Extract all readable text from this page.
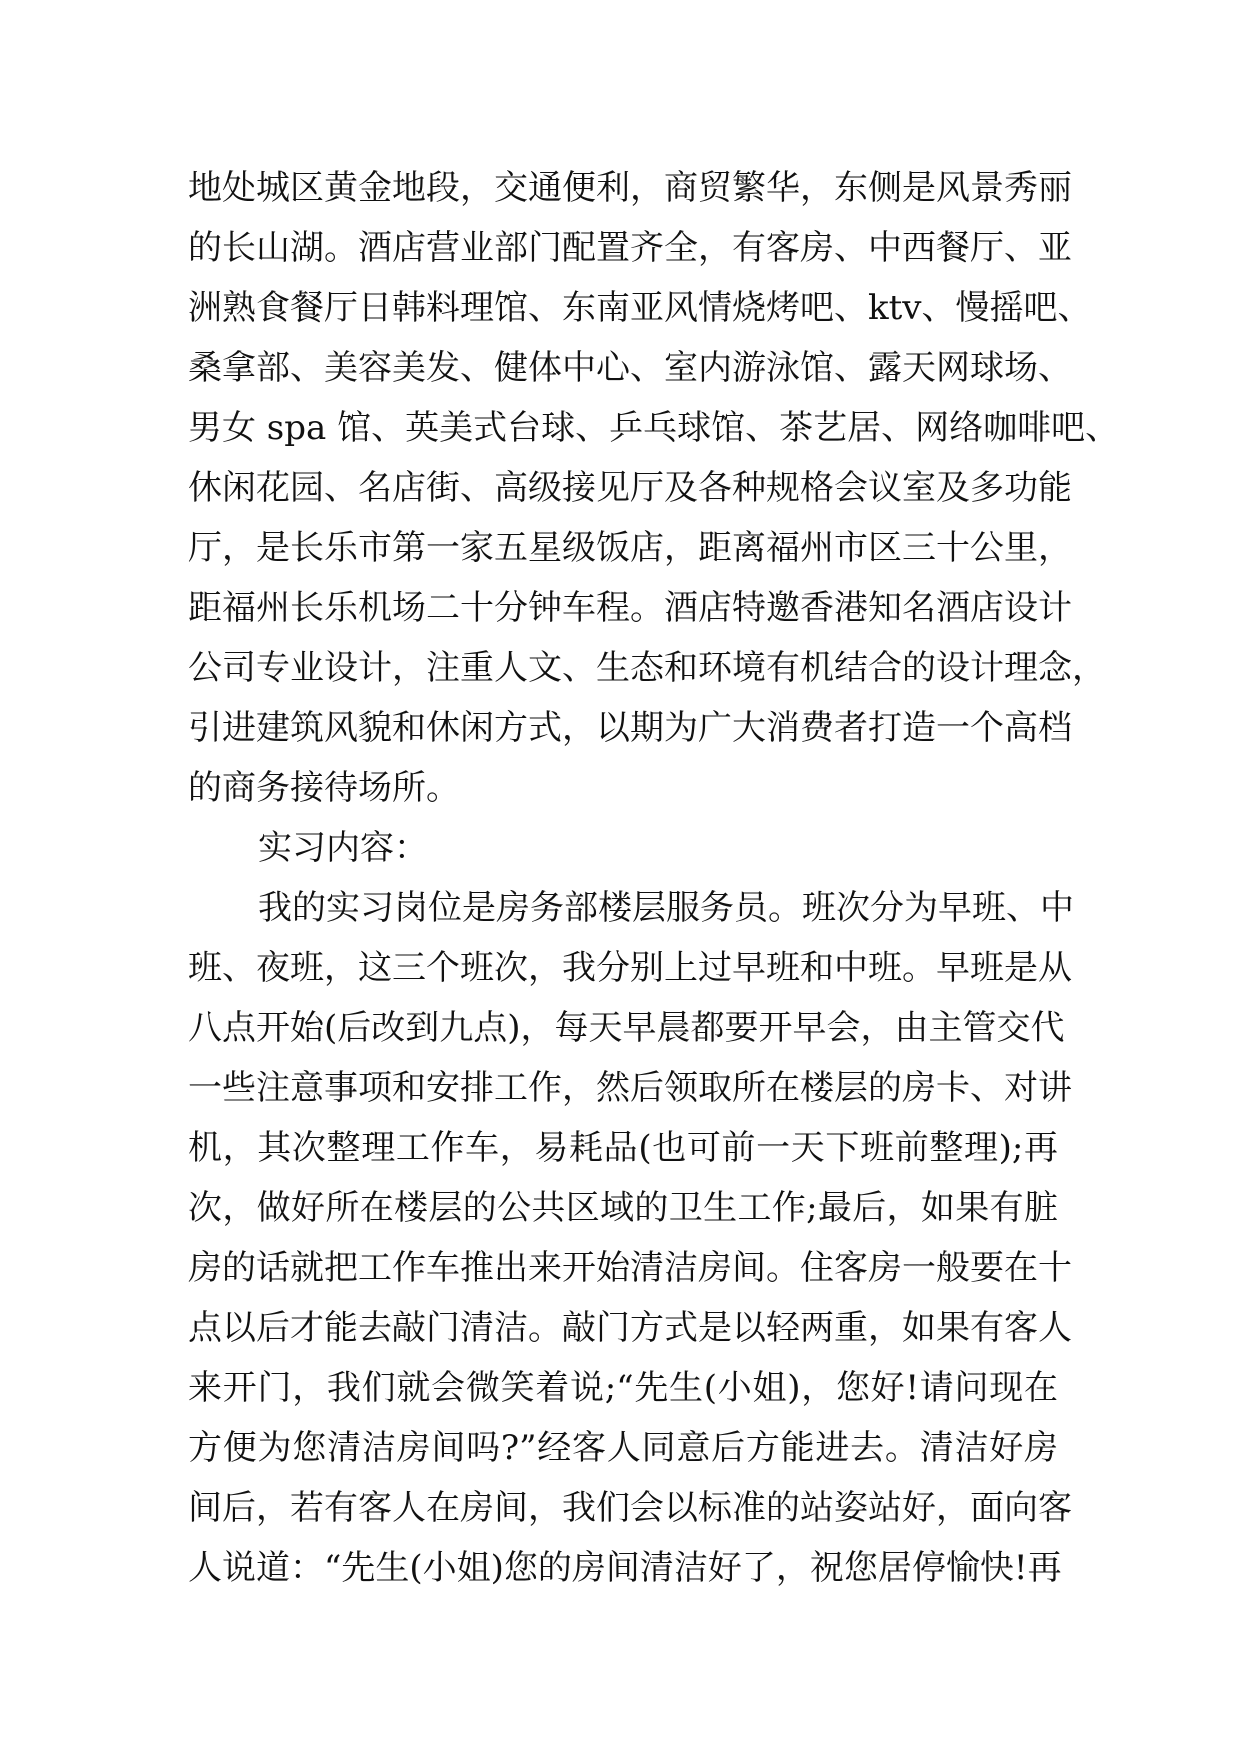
地处城区黄金地段，交通便利，商贸繁华，东侧是风景秀丽
的长山湖。酒店营业部门配置齐全，有客房、中西餐厅、亚
洲熟食餐厅日韩料理馆、东南亚风情烧烤吧、ktv、慢摇吧、
桑拿部、美容美发、健体中心、室内游泳馆、露天网球场、
男女 spa 馆、英美式台球、乒乓球馆、茶艺居、网络咖啡吧、
休闲花园、名店街、高级接见厅及各种规格会议室及多功能
厅，是长乐市第一家五星级饭店，距离福州市区三十公里，
距福州长乐机场二十分钟车程。酒店特邀香港知名酒店设计
公司专业设计，注重人文、生态和环境有机结合的设计理念，
引进建筑风貌和休闲方式，以期为广大消费者打造一个高档
的商务接待场所。
实习内容：
我的实习岗位是房务部楼层服务员。班次分为早班、中
班、夜班，这三个班次，我分别上过早班和中班。早班是从
八点开始(后改到九点)，每天早晨都要开早会，由主管交代
一些注意事项和安排工作，然后领取所在楼层的房卡、对讲
机，其次整理工作车，易耗品(也可前一天下班前整理);再
次，做好所在楼层的公共区域的卫生工作;最后，如果有脏
房的话就把工作车推出来开始清洁房间。住客房一般要在十
点以后才能去敲门清洁。敲门方式是以轻两重，如果有客人
来开门，我们就会微笑着说;“先生(小姐)，您好!请问现在
方便为您清洁房间吗?”经客人同意后方能进去。清洁好房
间后，若有客人在房间，我们会以标准的站姿站好，面向客
人说道：“先生(小姐)您的房间清洁好了，祝您居停愉快!再
